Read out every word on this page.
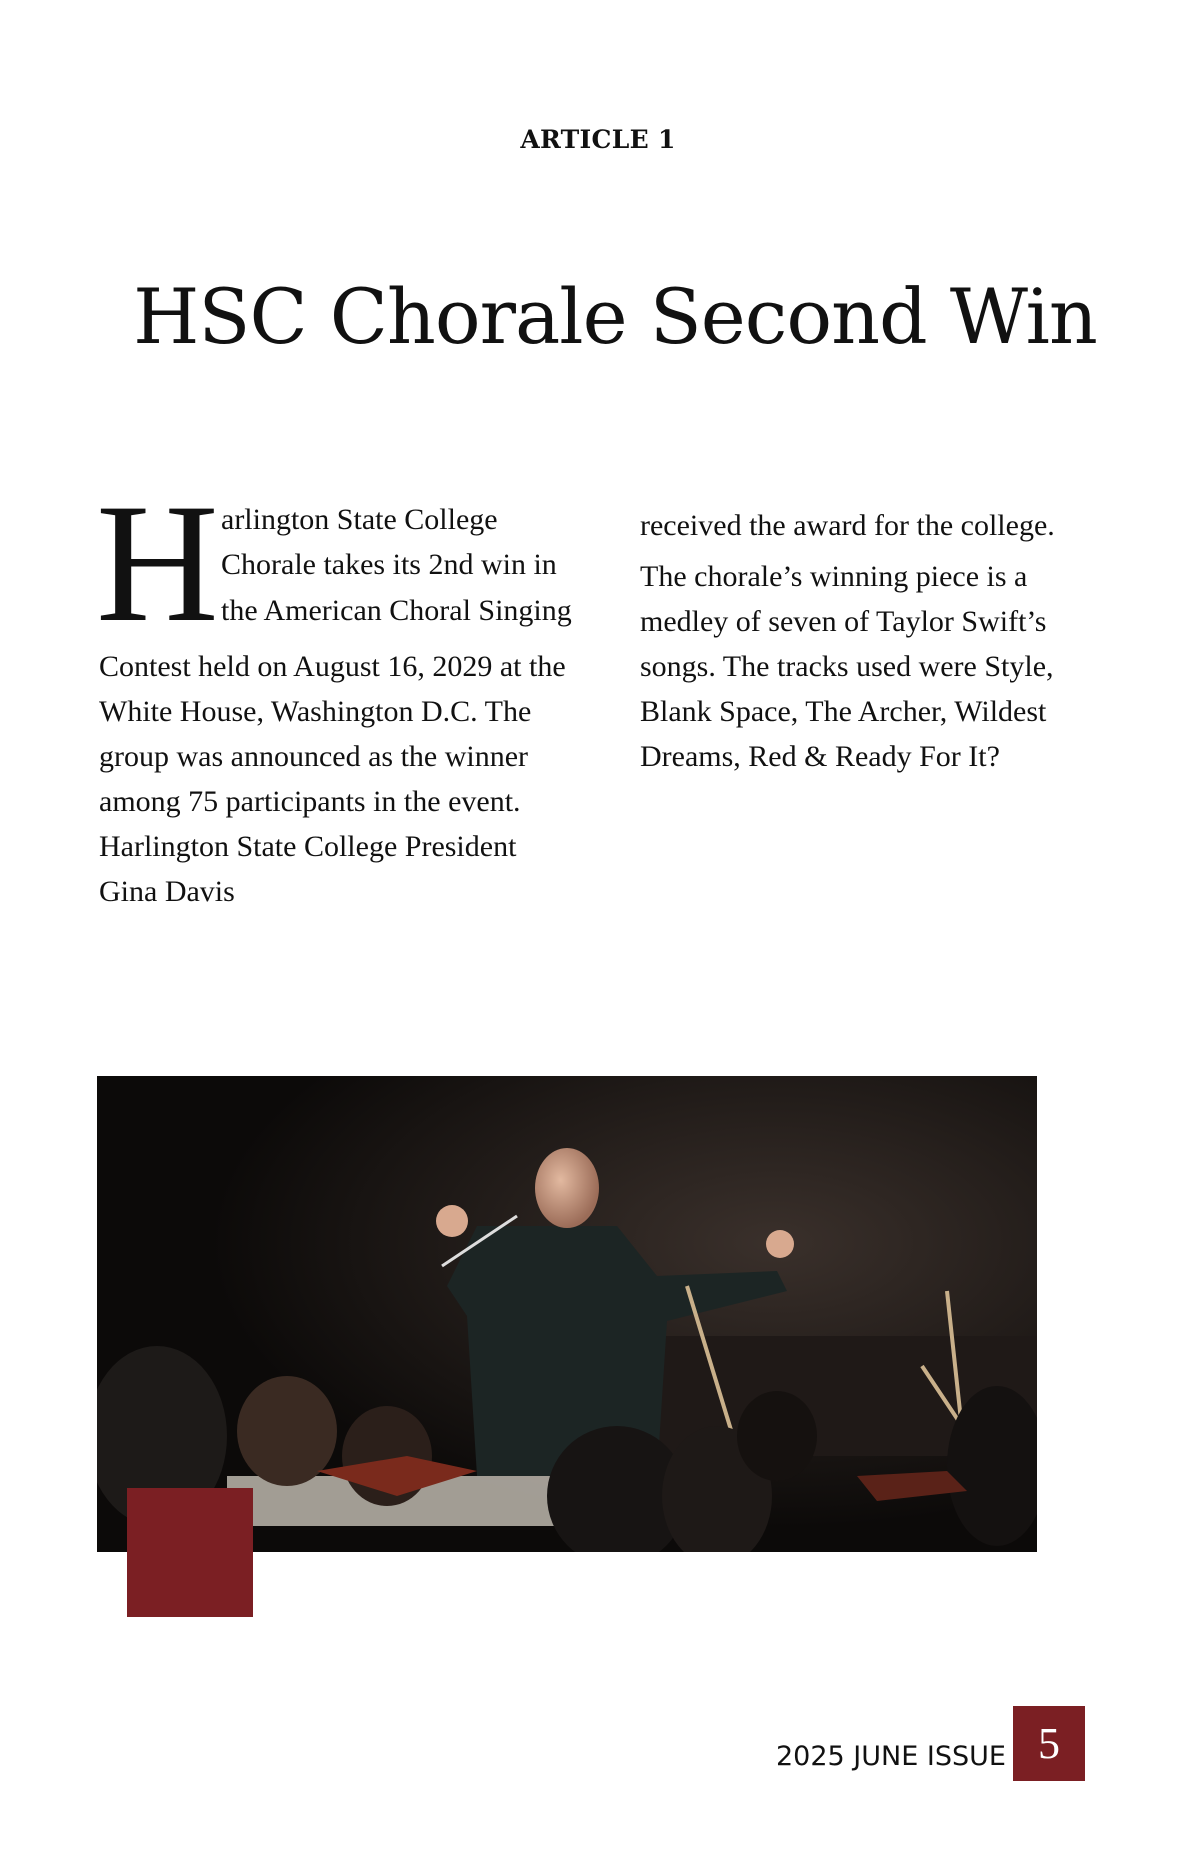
ARTICLE 1
HSC Chorale Second Win
H arlington State College
Chorale takes its 2nd win in
the American Choral Singing
Contest held on August 16, 2029 at the
White House, Washington D.C. The
group was announced as the winner
among 75 participants in the event.
Harlington State College President
Gina Davis
received the award for the college.
The chorale’s winning piece is a
medley of seven of Taylor Swift’s
songs. The tracks used were Style,
Blank Space, The Archer, Wildest
Dreams, Red & Ready For It?
2025 JUNE ISSUE 5
